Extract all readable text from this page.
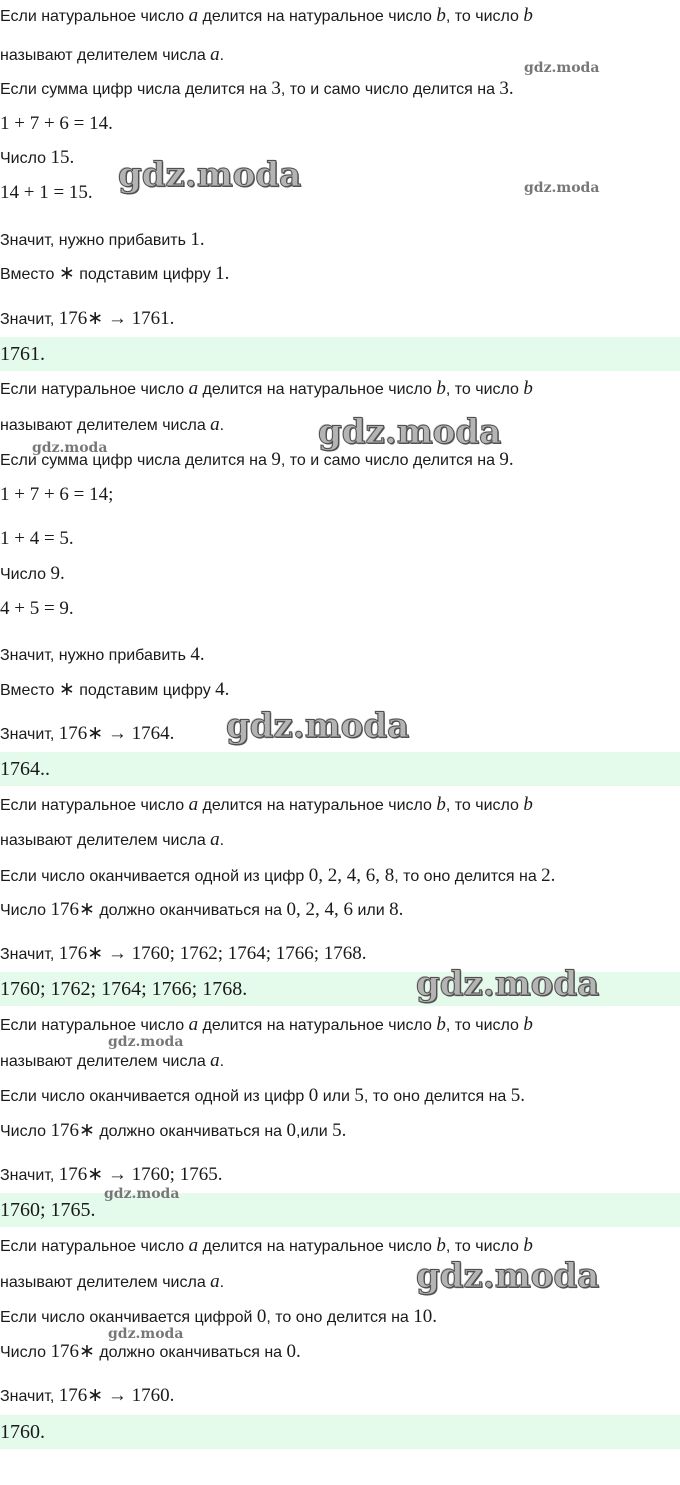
Если натуральное число a делится на натуральное число b, то число b
называют делителем числа a.
Если сумма цифр числа делится на 3, то и само число делится на 3.
1 + 7 + 6 = 14.
Число 15.
14 + 1 = 15.
Значит, нужно прибавить 1.
Вместо ∗ подставим цифру 1.
Значит, 176∗ → 1761.
1761.
Если натуральное число a делится на натуральное число b, то число b
называют делителем числа a.
Если сумма цифр числа делится на 9, то и само число делится на 9.
1 + 7 + 6 = 14;
1 + 4 = 5.
Число 9.
4 + 5 = 9.
Значит, нужно прибавить 4.
Вместо ∗ подставим цифру 4.
Значит, 176∗ → 1764.
1764..
Если натуральное число a делится на натуральное число b, то число b
называют делителем числа a.
Если число оканчивается одной из цифр 0, 2, 4, 6, 8, то оно делится на 2.
Число 176∗ должно оканчиваться на 0, 2, 4, 6 или 8.
Значит, 176∗ → 1760; 1762; 1764; 1766; 1768.
1760; 1762; 1764; 1766; 1768.
Если натуральное число a делится на натуральное число b, то число b
называют делителем числа a.
Если число оканчивается одной из цифр 0 или 5, то оно делится на 5.
Число 176∗ должно оканчиваться на 0,или 5.
Значит, 176∗ → 1760; 1765.
1760; 1765.
Если натуральное число a делится на натуральное число b, то число b
называют делителем числа a.
Если число оканчивается цифрой 0, то оно делится на 10.
Число 176∗ должно оканчиваться на 0.
Значит, 176∗ → 1760.
1760.
gdz.moda
gdz.moda	gdz.moda
gdz.moda	gdz.moda
gdz.moda
gdz.moda
gdz.moda
gdz.moda
gdz.moda
gdz.moda
